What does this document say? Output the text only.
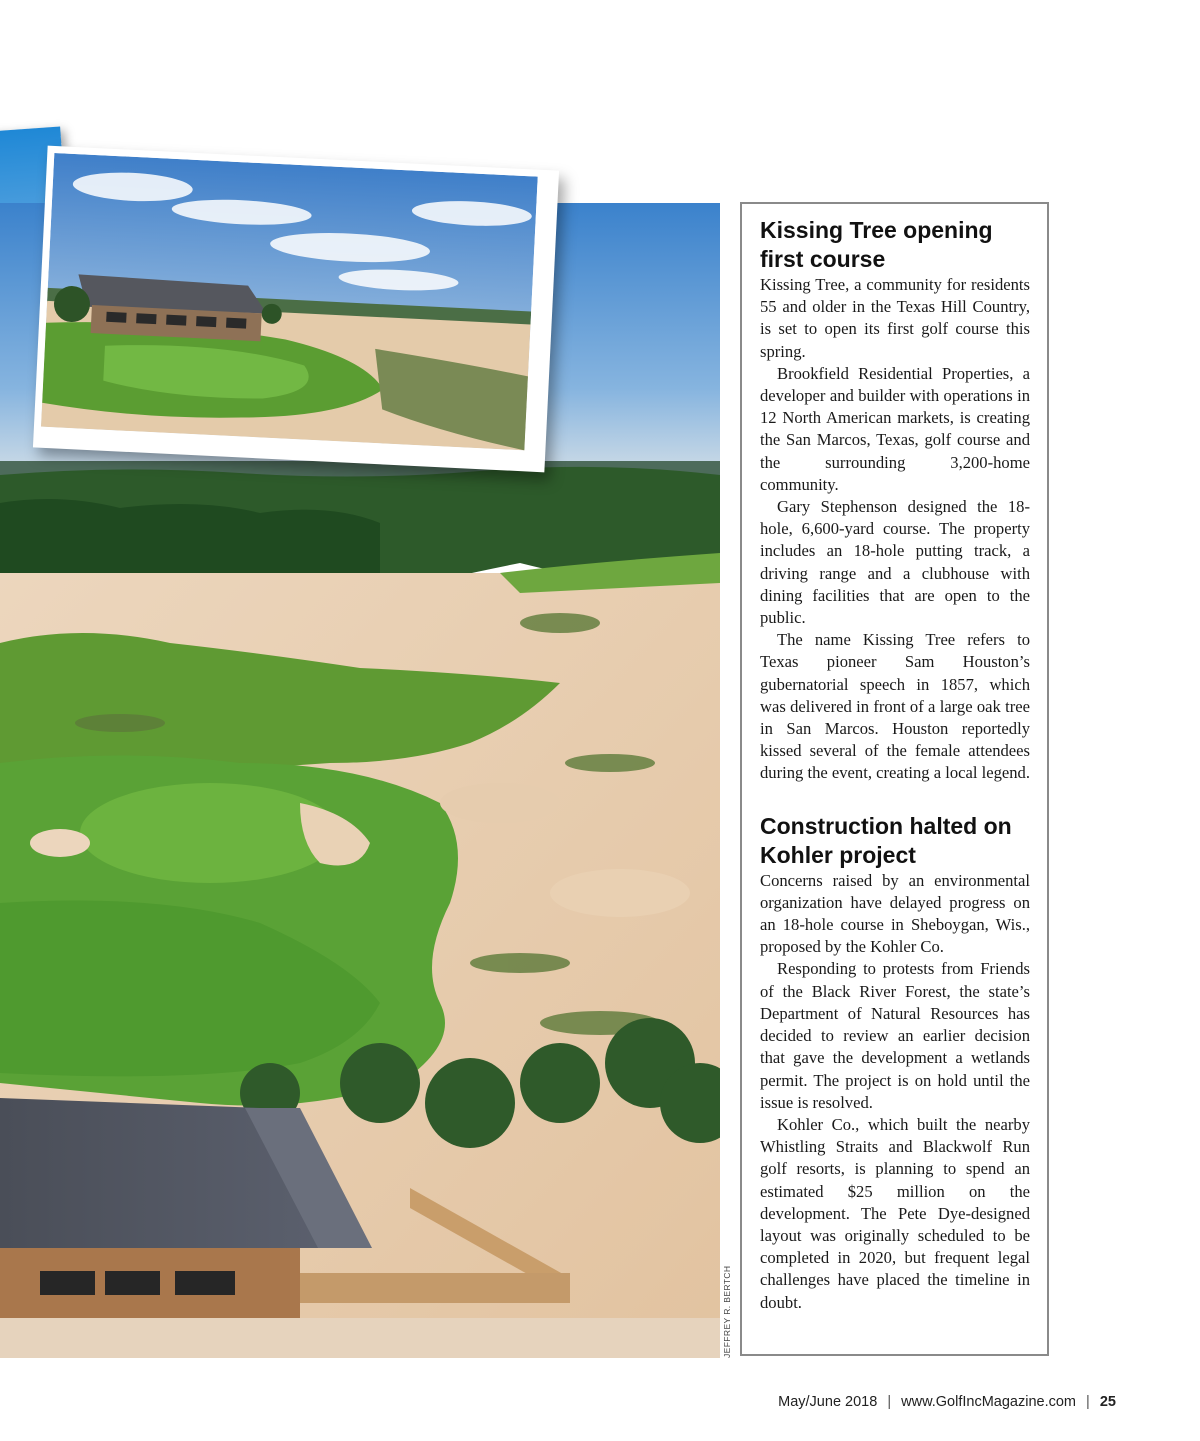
JEFFREY R. BERTCH
Kissing Tree opening first course

Kissing Tree, a community for residents 55 and older in the Texas Hill Country, is set to open its first golf course this spring.

Brookfield Residential Properties, a developer and builder with operations in 12 North American markets, is creating the San Marcos, Texas, golf course and the surrounding 3,200-home community.

Gary Stephenson designed the 18-hole, 6,600-yard course. The property includes an 18-hole putting track, a driving range and a clubhouse with dining facilities that are open to the public.

The name Kissing Tree refers to Texas pioneer Sam Houston’s gubernatorial speech in 1857, which was delivered in front of a large oak tree in San Marcos. Houston reportedly kissed several of the female attendees during the event, creating a local legend.

Construction halted on Kohler project

Concerns raised by an environmental organization have delayed progress on an 18-hole course in Sheboygan, Wis., proposed by the Kohler Co.

Responding to protests from Friends of the Black River Forest, the state’s Department of Natural Resources has decided to review an earlier decision that gave the development a wetlands permit. The project is on hold until the issue is resolved.

Kohler Co., which built the nearby Whistling Straits and Blackwolf Run golf resorts, is planning to spend an estimated $25 million on the development. The Pete Dye-designed layout was originally scheduled to be completed in 2020, but frequent legal challenges have placed the timeline in doubt.

May/June 2018 | www.GolfIncMagazine.com | 25
